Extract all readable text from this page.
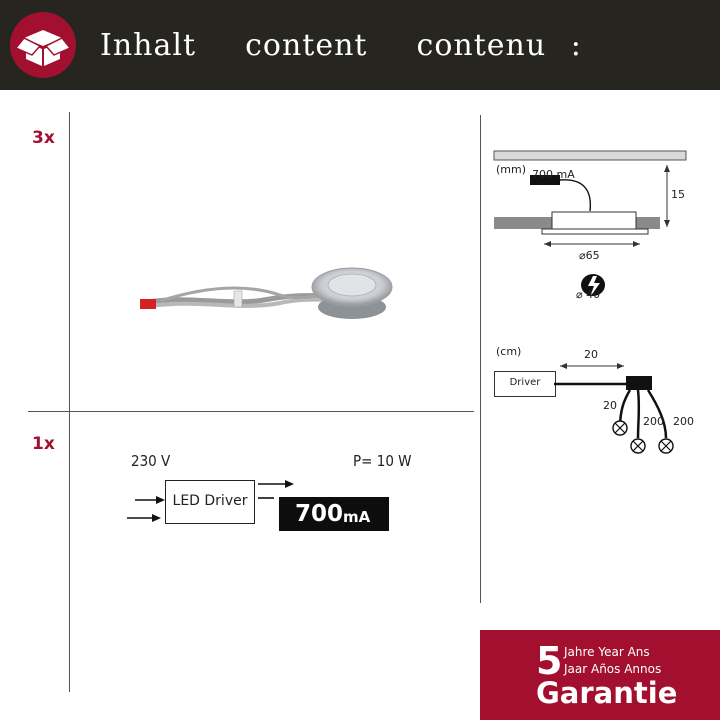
Inhalt  content  contenu :
3x
1x
230 V	P= 10 W
LED Driver 700 mA
(mm) 700 mA
15
⌀65
⌀ 40
(cm)	20
Driver
20
200 200
5 Jahre Year Ans
Jaar Años Annos
Garantie
